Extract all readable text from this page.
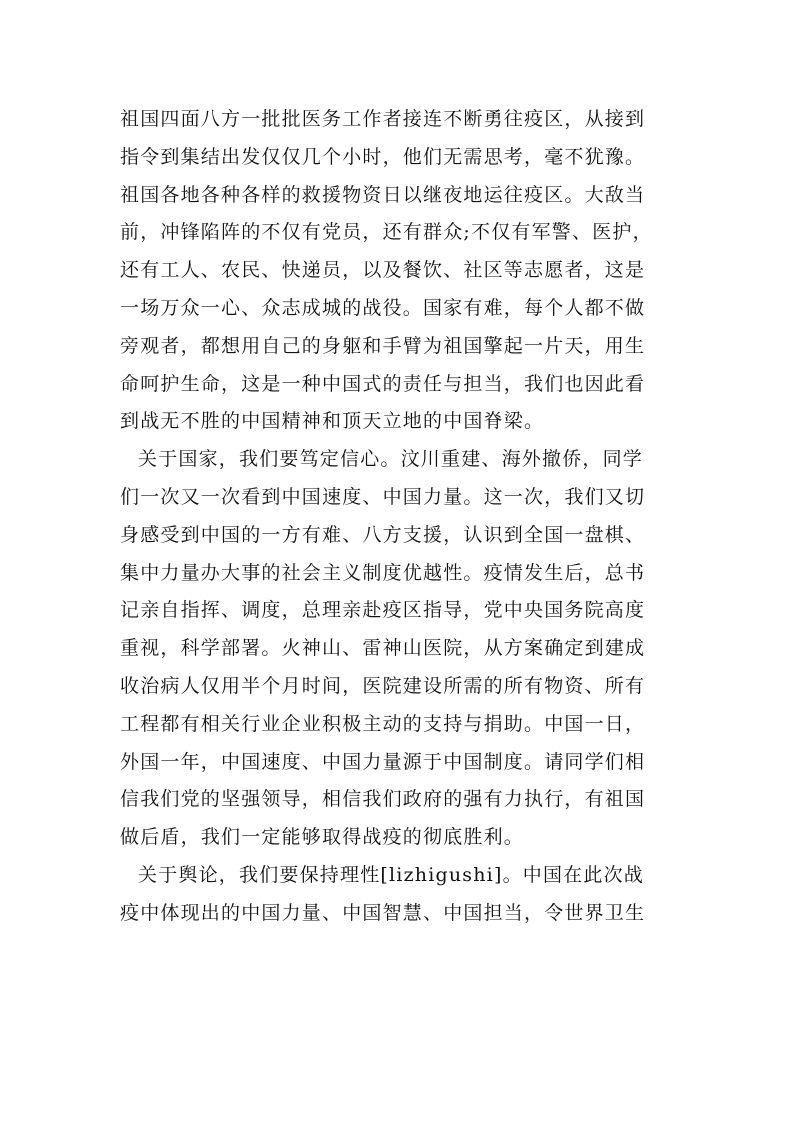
祖国四面八方一批批医务工作者接连不断勇往疫区，从接到
指令到集结出发仅仅几个小时，他们无需思考，毫不犹豫。
祖国各地各种各样的救援物资日以继夜地运往疫区。大敌当
前，冲锋陷阵的不仅有党员，还有群众;不仅有军警、医护，
还有工人、农民、快递员，以及餐饮、社区等志愿者，这是
一场万众一心、众志成城的战役。国家有难，每个人都不做
旁观者，都想用自己的身躯和手臂为祖国擎起一片天，用生
命呵护生命，这是一种中国式的责任与担当，我们也因此看
到战无不胜的中国精神和顶天立地的中国脊梁。

关于国家，我们要笃定信心。汶川重建、海外撤侨，同学
们一次又一次看到中国速度、中国力量。这一次，我们又切
身感受到中国的一方有难、八方支援，认识到全国一盘棋、
集中力量办大事的社会主义制度优越性。疫情发生后，总书
记亲自指挥、调度，总理亲赴疫区指导，党中央国务院高度
重视，科学部署。火神山、雷神山医院，从方案确定到建成
收治病人仅用半个月时间，医院建设所需的所有物资、所有
工程都有相关行业企业积极主动的支持与捐助。中国一日，
外国一年，中国速度、中国力量源于中国制度。请同学们相
信我们党的坚强领导，相信我们政府的强有力执行，有祖国
做后盾，我们一定能够取得战疫的彻底胜利。

关于舆论，我们要保持理性[lizhigushi]。中国在此次战
疫中体现出的中国力量、中国智慧、中国担当，令世界卫生
